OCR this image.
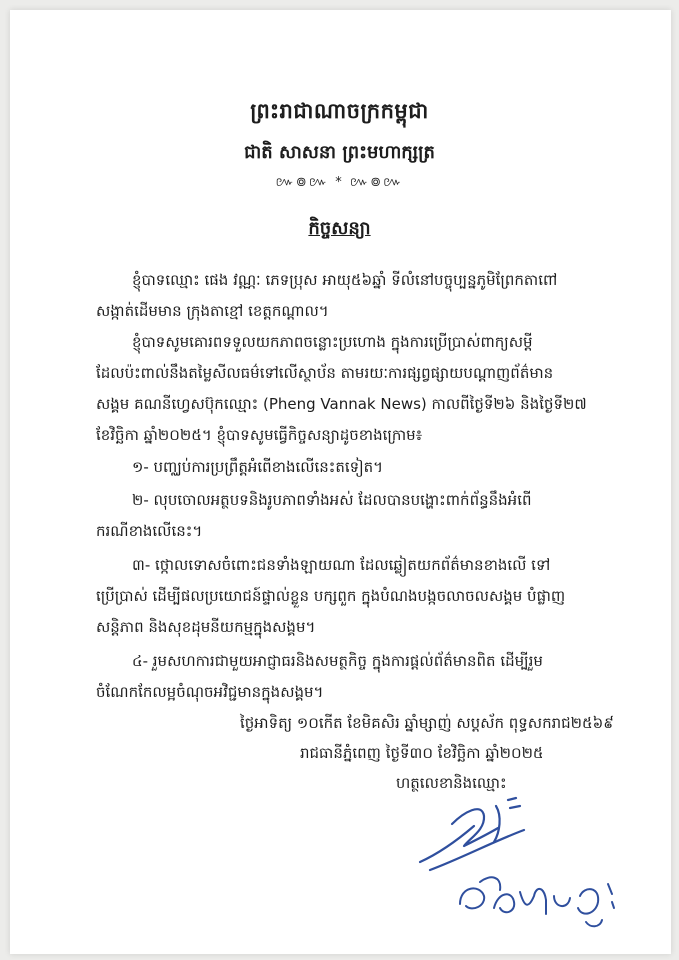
ព្រះរាជាណាចក្រកម្ពុជា
ជាតិ សាសនា ព្រះមហាក្សត្រ
៚៙៚ * ៚៙៚
កិច្ចសន្យា
ខ្ញុំបាទឈ្មោះ ផេង វណ្ណៈ ភេទប្រុស អាយុ៥៦ឆ្នាំ ទីលំនៅបច្ចុប្បន្នភូមិព្រែកតាពៅ
សង្កាត់ដើមមាន ក្រុងតាខ្មៅ ខេត្តកណ្ដាល។
ខ្ញុំបាទសូមគោរពទទួលយកភាពចន្លោះប្រហោង ក្នុងការប្រើប្រាស់ពាក្យសម្ដី
ដែលប៉ះពាល់នឹងតម្លៃសីលធម៌ទៅលើស្ថាប័ន តាមរយៈការផ្សព្វផ្សាយបណ្ដាញព័ត៌មាន
សង្គម គណនីហ្វេសប៊ុកឈ្មោះ (Pheng Vannak News) កាលពីថ្ងៃទី២៦ និងថ្ងៃទី២៧
ខែវិច្ឆិកា ឆ្នាំ២០២៥។ ខ្ញុំបាទសូមធ្វើកិច្ចសន្យាដូចខាងក្រោម៖
១- បញ្ឈប់ការប្រព្រឹត្តអំពើខាងលើនេះតទៀត។
២- លុបចោលអត្ថបទនិងរូបភាពទាំងអស់ ដែលបានបង្ហោះពាក់ព័ន្ធនឹងអំពើ
ករណីខាងលើនេះ។
៣- ថ្កោលទោសចំពោះជនទាំងឡាយណា ដែលឆ្លៀតយកព័ត៌មានខាងលើ ទៅ
ប្រើប្រាស់ ដើម្បីផលប្រយោជន៍ផ្ទាល់ខ្លួន បក្សពួក ក្នុងបំណងបង្កចលាចលសង្គម បំផ្លាញ
សន្តិភាព និងសុខដុមនីយកម្មក្នុងសង្គម។
៤- រួមសហការជាមួយអាជ្ញាធរនិងសមត្ថកិច្ច ក្នុងការផ្តល់ព័ត៌មានពិត ដើម្បីរួម
ចំណែកកែលម្អចំណុចអវិជ្ជមានក្នុងសង្គម។
ថ្ងៃអាទិត្យ ១០កើត ខែមិគសិរ ឆ្នាំម្សាញ់ សប្តស័ក ពុទ្ធសករាជ២៥៦៩
រាជធានីភ្នំពេញ ថ្ងៃទី៣០ ខែវិច្ឆិកា ឆ្នាំ២០២៥
ហត្ថលេខានិងឈ្មោះ
